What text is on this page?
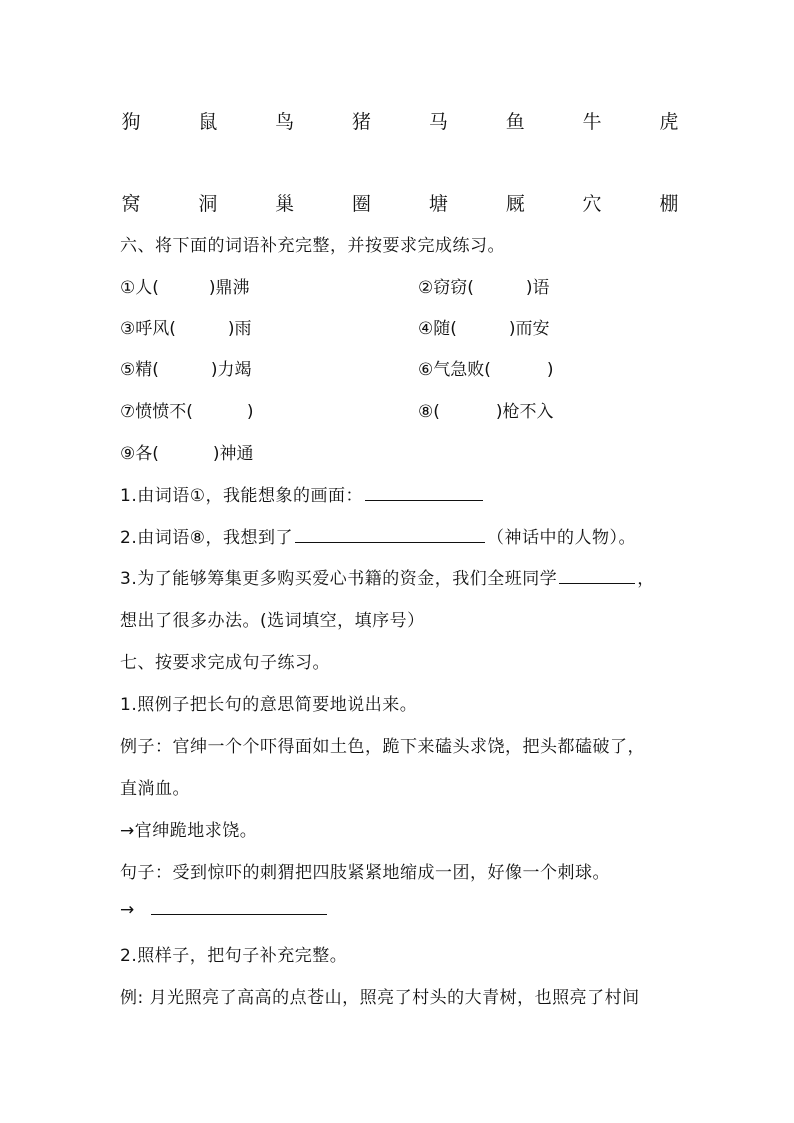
狗	鼠	鸟	猪	马	鱼	牛	虎
窝	洞	巢	圈	塘	厩	穴	棚
六、将下面的词语补充完整，并按要求完成练习。
①人(	)鼎沸	②窃窃(	)语
③呼风(	)雨	④随(	)而安
⑤精(	)力竭	⑥气急败(	)
⑦愤愤不(	)	⑧(	)枪不入
⑨各(	)神通
1.由词语①，我能想象的画面：
2.由词语⑧，我想到了	（神话中的人物）。
3.为了能够筹集更多购买爱心书籍的资金，我们全班同学	，
想出了很多办法。(选词填空，填序号）
七、按要求完成句子练习。
1.照例子把长句的意思简要地说出来。
例子：官绅一个个吓得面如土色，跪下来磕头求饶，把头都磕破了，
直淌血。
→官绅跪地求饶。
句子：受到惊吓的刺猬把四肢紧紧地缩成一团，好像一个刺球。
→
2.照样子，把句子补充完整。
例: 月光照亮了高高的点苍山，照亮了村头的大青树，也照亮了村间
